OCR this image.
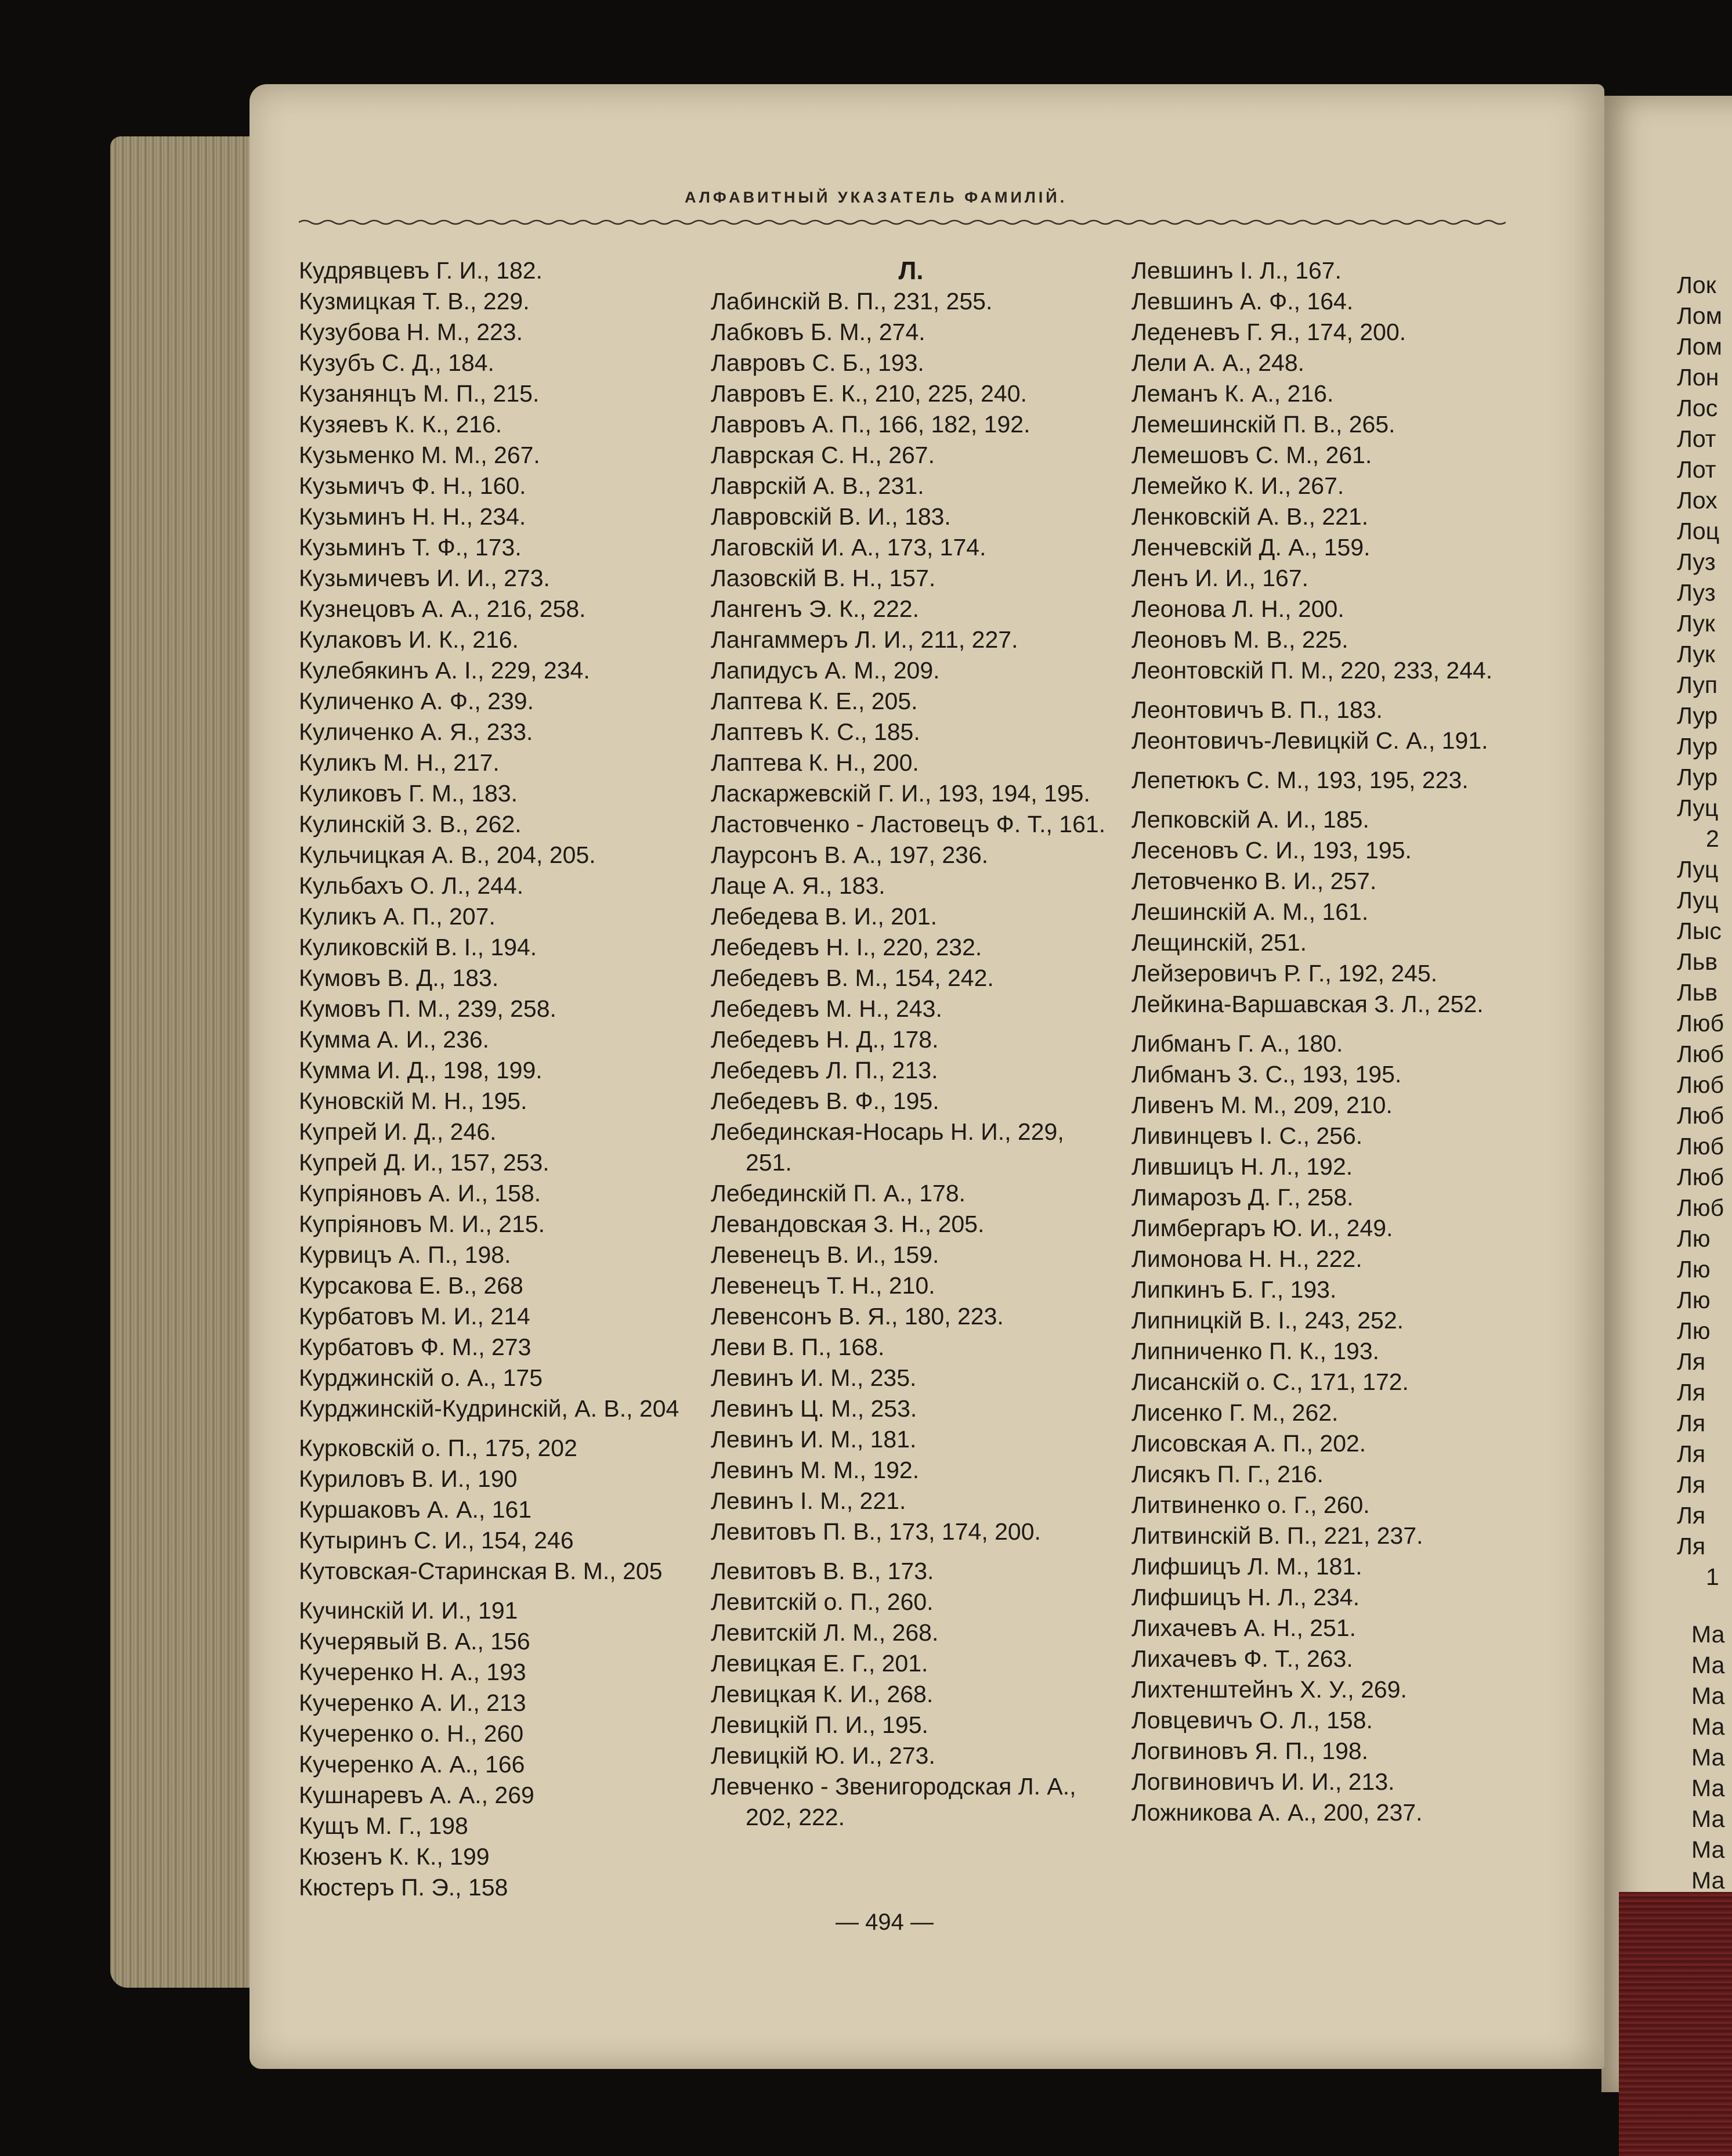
АЛФАВИТНЫЙ УКАЗАТЕЛЬ ФАМИЛІЙ.

Кудрявцевъ Г. И., 182.

Кузмицкая Т. В., 229.

Кузубова Н. М., 223.

Кузубъ С. Д., 184.

Кузанянцъ М. П., 215.

Кузяевъ К. К., 216.

Кузьменко М. М., 267.

Кузьмичъ Ф. Н., 160.

Кузьминъ Н. Н., 234.

Кузьминъ Т. Ф., 173.

Кузьмичевъ И. И., 273.

Кузнецовъ А. А., 216, 258.

Кулаковъ И. К., 216.

Кулебякинъ А. І., 229, 234.

Куличенко А. Ф., 239.

Куличенко А. Я., 233.

Куликъ М. Н., 217.

Куликовъ Г. М., 183.

Кулинскій З. В., 262.

Кульчицкая А. В., 204, 205.

Кульбахъ О. Л., 244.

Куликъ А. П., 207.

Куликовскій В. І., 194.

Кумовъ В. Д., 183.

Кумовъ П. М., 239, 258.

Кумма А. И., 236.

Кумма И. Д., 198, 199.

Куновскій М. Н., 195.

Купрей И. Д., 246.

Купрей Д. И., 157, 253.

Купріяновъ А. И., 158.

Купріяновъ М. И., 215.

Курвицъ А. П., 198.

Курсакова Е. В., 268

Курбатовъ М. И., 214

Курбатовъ Ф. М., 273

Курджинскій о. А., 175

Курджинскій-Кудринскій, А. В., 204

Курковскій о. П., 175, 202

Куриловъ В. И., 190

Куршаковъ А. А., 161

Кутыринъ С. И., 154, 246

Кутовская-Старинская В. М., 205

Кучинскій И. И., 191

Кучерявый В. А., 156

Кучеренко Н. А., 193

Кучеренко А. И., 213

Кучеренко о. Н., 260

Кучеренко А. А., 166

Кушнаревъ А. А., 269

Кущъ М. Г., 198

Кюзенъ К. К., 199

Кюстеръ П. Э., 158

Л.

Лабинскій В. П., 231, 255.

Лабковъ Б. М., 274.

Лавровъ С. Б., 193.

Лавровъ Е. К., 210, 225, 240.

Лавровъ А. П., 166, 182, 192.

Лаврская С. Н., 267.

Лаврскій А. В., 231.

Лавровскій В. И., 183.

Лаговскій И. А., 173, 174.

Лазовскій В. Н., 157.

Лангенъ Э. К., 222.

Лангаммеръ Л. И., 211, 227.

Лапидусъ А. М., 209.

Лаптева К. Е., 205.

Лаптевъ К. С., 185.

Лаптева К. Н., 200.

Ласкаржевскій Г. И., 193, 194, 195.

Ластовченко - Ластовецъ Ф. Т., 161.

Лаурсонъ В. А., 197, 236.

Лаце А. Я., 183.

Лебедева В. И., 201.

Лебедевъ Н. І., 220, 232.

Лебедевъ В. М., 154, 242.

Лебедевъ М. Н., 243.

Лебедевъ Н. Д., 178.

Лебедевъ Л. П., 213.

Лебедевъ В. Ф., 195.

Лебединская-Носарь Н. И., 229, 251.

Лебединскій П. А., 178.

Левандовская З. Н., 205.

Левенецъ В. И., 159.

Левенецъ Т. Н., 210.

Левенсонъ В. Я., 180, 223.

Леви В. П., 168.

Левинъ И. М., 235.

Левинъ Ц. М., 253.

Левинъ И. М., 181.

Левинъ М. М., 192.

Левинъ І. М., 221.

Левитовъ П. В., 173, 174, 200.

Левитовъ В. В., 173.

Левитскій о. П., 260.

Левитскій Л. М., 268.

Левицкая Е. Г., 201.

Левицкая К. И., 268.

Левицкій П. И., 195.

Левицкій Ю. И., 273.

Левченко - Звенигородская Л. А., 202, 222.

Левшинъ І. Л., 167.

Левшинъ А. Ф., 164.

Леденевъ Г. Я., 174, 200.

Лели А. А., 248.

Леманъ К. А., 216.

Лемешинскій П. В., 265.

Лемешовъ С. М., 261.

Лемейко К. И., 267.

Ленковскій А. В., 221.

Ленчевскій Д. А., 159.

Ленъ И. И., 167.

Леонова Л. Н., 200.

Леоновъ М. В., 225.

Леонтовскій П. М., 220, 233, 244.

Леонтовичъ В. П., 183.

Леонтовичъ-Левицкій С. А., 191.

Лепетюкъ С. М., 193, 195, 223.

Лепковскій А. И., 185.

Лесеновъ С. И., 193, 195.

Летовченко В. И., 257.

Лешинскій А. М., 161.

Лещинскій, 251.

Лейзеровичъ Р. Г., 192, 245.

Лейкина-Варшавская З. Л., 252.

Либманъ Г. А., 180.

Либманъ З. С., 193, 195.

Ливенъ М. М., 209, 210.

Ливинцевъ І. С., 256.

Лившицъ Н. Л., 192.

Лимарозъ Д. Г., 258.

Лимбергаръ Ю. И., 249.

Лимонова Н. Н., 222.

Липкинъ Б. Г., 193.

Липницкій В. І., 243, 252.

Липниченко П. К., 193.

Лисанскій о. С., 171, 172.

Лисенко Г. М., 262.

Лисовская А. П., 202.

Лисякъ П. Г., 216.

Литвиненко о. Г., 260.

Литвинскій В. П., 221, 237.

Лифшицъ Л. М., 181.

Лифшицъ Н. Л., 234.

Лихачевъ А. Н., 251.

Лихачевъ Ф. Т., 263.

Лихтенштейнъ Х. У., 269.

Ловцевичъ О. Л., 158.

Логвиновъ Я. П., 198.

Логвиновичъ И. И., 213.

Ложникова А. А., 200, 237.

Лок
Лом
Лом
Лон
Лос
Лот
Лот
Лох
Лоц
Луз
Луз
Лук
Лук
Луп
Лур
Лур
Лур
Луц
2
Луц
Луц
Лыс
Льв
Льв
Люб
Люб
Люб
Люб
Люб
Люб
Люб
Лю
Лю
Лю
Лю
Ля
Ля
Ля
Ля
Ля
Ля
Ля
1
Ма
Ма
Ма
Ма
Ма
Ма
Ма
Ма
Ма
— 494 —
